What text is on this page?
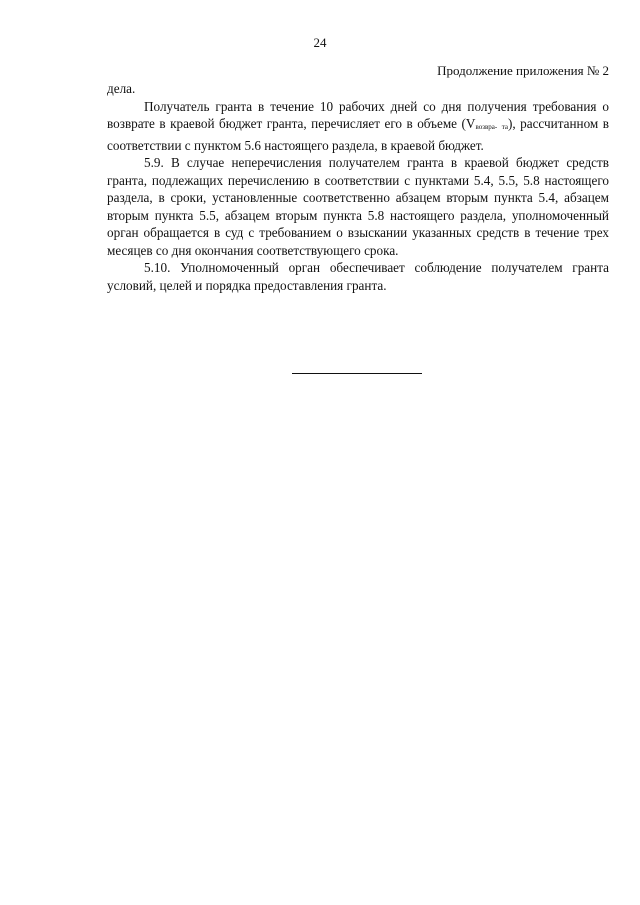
24
Продолжение приложения № 2

дела.

Получатель гранта в течение 10 рабочих дней со дня получения требования о возврате в краевой бюджет гранта, перечисляет его в объеме (Vвозвра- та), рассчитанном в соответствии с пунктом 5.6 настоящего раздела, в краевой бюджет.

5.9. В случае неперечисления получателем гранта в краевой бюджет средств гранта, подлежащих перечислению в соответствии с пунктами 5.4, 5.5, 5.8 настоящего раздела, в сроки, установленные соответственно абзацем вторым пункта 5.4, абзацем вторым пункта 5.5, абзацем вторым пункта 5.8 настоящего раздела, уполномоченный орган обращается в суд с требованием о взыскании указанных средств в течение трех месяцев со дня окончания соответствующего срока.

5.10. Уполномоченный орган обеспечивает соблюдение получателем гранта условий, целей и порядка предоставления гранта.
